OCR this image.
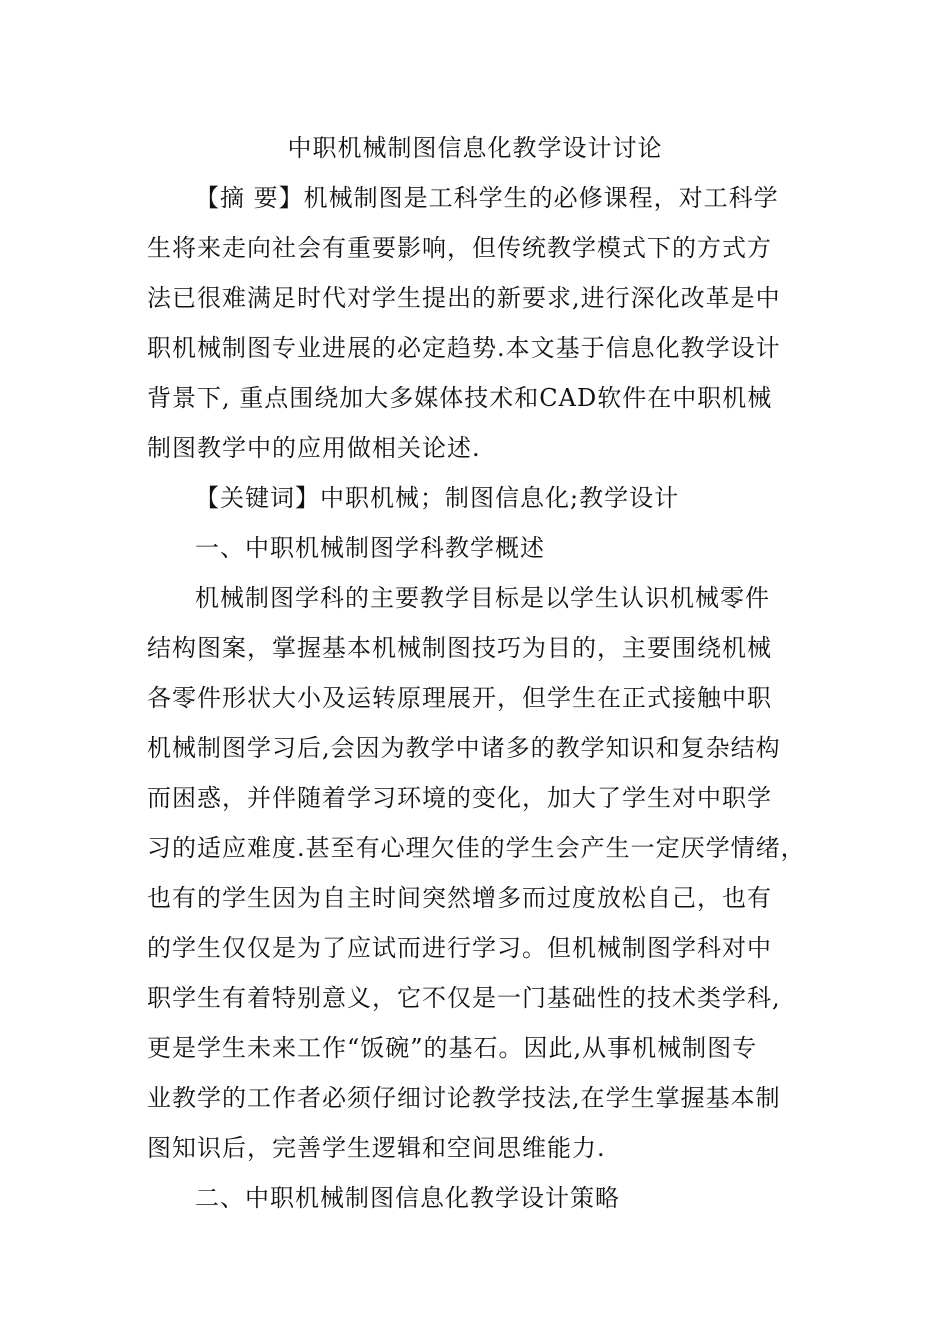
中职机械制图信息化教学设计讨论
【摘 要】机械制图是工科学生的必修课程，对工科学
生将来走向社会有重要影响，但传统教学模式下的方式方
法已很难满足时代对学生提出的新要求,进行深化改革是中
职机械制图专业进展的必定趋势.本文基于信息化教学设计
背景下, 重点围绕加大多媒体技术和CAD软件在中职机械
制图教学中的应用做相关论述.
【关键词】中职机械；制图信息化;教学设计
一、中职机械制图学科教学概述
机械制图学科的主要教学目标是以学生认识机械零件
结构图案，掌握基本机械制图技巧为目的，主要围绕机械
各零件形状大小及运转原理展开，但学生在正式接触中职
机械制图学习后,会因为教学中诸多的教学知识和复杂结构
而困惑，并伴随着学习环境的变化，加大了学生对中职学
习的适应难度.甚至有心理欠佳的学生会产生一定厌学情绪，
也有的学生因为自主时间突然增多而过度放松自己，也有
的学生仅仅是为了应试而进行学习。但机械制图学科对中
职学生有着特别意义，它不仅是一门基础性的技术类学科,
更是学生未来工作“饭碗”的基石。因此,从事机械制图专
业教学的工作者必须仔细讨论教学技法,在学生掌握基本制
图知识后，完善学生逻辑和空间思维能力.
二、中职机械制图信息化教学设计策略
